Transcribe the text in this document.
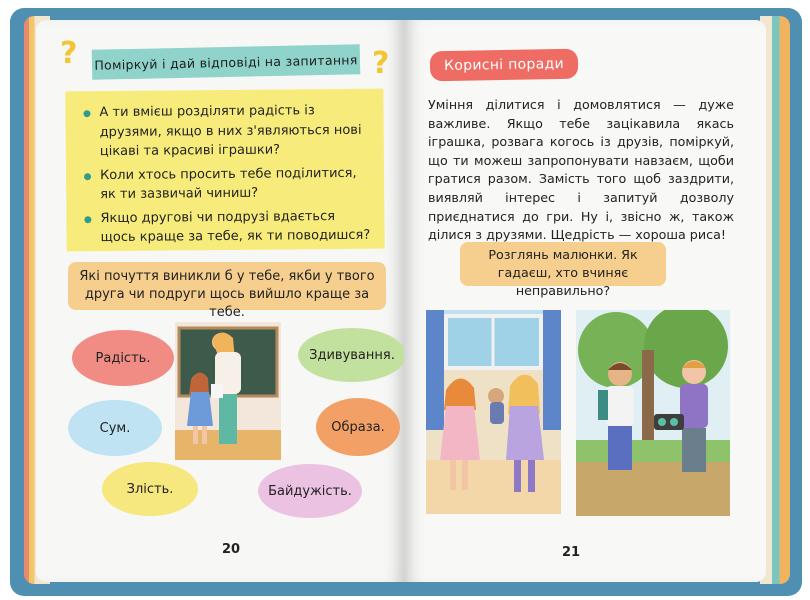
? Поміркуй і дай відповіді на запитання ?
А ти вмієш розділяти радість із друзями, якщо в них з'являються нові цікаві та красиві іграшки?
Коли хтось просить тебе поділитися, як ти зазвичай чиниш?
Якщо другові чи подрузі вдається щось краще за тебе, як ти поводишся?
Які почуття виникли б у тебе, якби у твого друга чи подруги щось вийшло краще за тебе.
Радість.	Здивування.
Сум.	Образа.
Злість.	Байдужість.
20
Корисні поради
Уміння ділитися і домовлятися — дуже важливе. Якщо тебе зацікавила якась іграшка, розвага когось із друзів, поміркуй, що ти можеш запропонувати навзаєм, щоби гратися разом. Замість того щоб заздрити, виявляй інтерес і запитуй дозволу приєднатися до гри. Ну і, звісно ж, також ділися з друзями. Щедрість — хороша риса!
Розглянь малюнки. Як гадаєш, хто вчиняє неправильно?
21
